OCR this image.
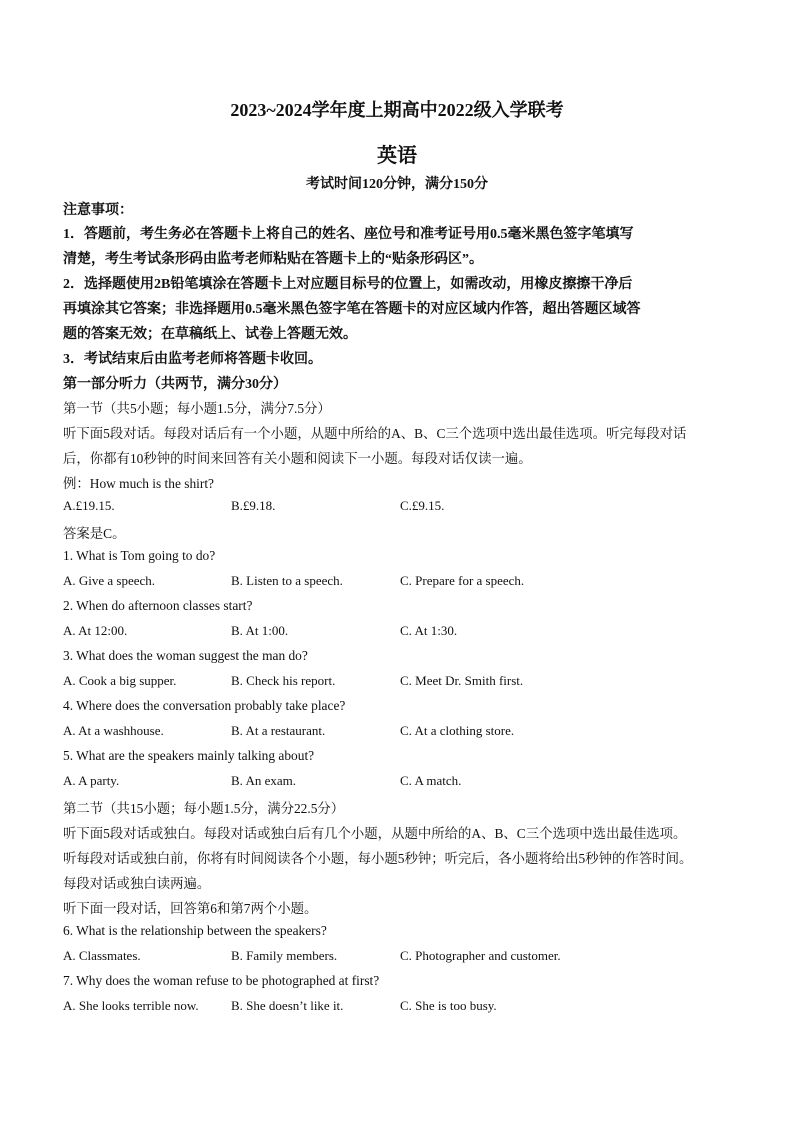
2023~2024学年度上期高中2022级入学联考
英语
考试时间120分钟，满分150分
注意事项：
1．答题前，考生务必在答题卡上将自己的姓名、座位号和准考证号用0.5毫米黑色签字笔填写
清楚，考生考试条形码由监考老师粘贴在答题卡上的“贴条形码区”。
2．选择题使用2B铅笔填涂在答题卡上对应题目标号的位置上，如需改动，用橡皮擦擦干净后
再填涂其它答案；非选择题用0.5毫米黑色签字笔在答题卡的对应区域内作答，超出答题区域答
题的答案无效；在草稿纸上、试卷上答题无效。
3．考试结束后由监考老师将答题卡收回。
第一部分听力（共两节，满分30分）
第一节（共5小题；每小题1.5分，满分7.5分）
听下面5段对话。每段对话后有一个小题，从题中所给的A、B、C三个选项中选出最佳选项。听完每段对话
后，你都有10秒钟的时间来回答有关小题和阅读下一小题。每段对话仅读一遍。
例：How much is the shirt?
A.£19.15.	B.£9.18.	C.£9.15.
答案是C。
1. What is Tom going to do?
A. Give a speech.	B. Listen to a speech.	C. Prepare for a speech.
2. When do afternoon classes start?
A. At 12:00.	B. At 1:00.	C. At 1:30.
3. What does the woman suggest the man do?
A. Cook a big supper.	B. Check his report.	C. Meet Dr. Smith first.
4. Where does the conversation probably take place?
A. At a washhouse.	B. At a restaurant.	C. At a clothing store.
5. What are the speakers mainly talking about?
A. A party.	B. An exam.	C. A match.
第二节（共15小题；每小题1.5分，满分22.5分）
听下面5段对话或独白。每段对话或独白后有几个小题，从题中所给的A、B、C三个选项中选出最佳选项。
听每段对话或独白前，你将有时间阅读各个小题，每小题5秒钟；听完后，各小题将给出5秒钟的作答时间。
每段对话或独白读两遍。
听下面一段对话，回答第6和第7两个小题。
6. What is the relationship between the speakers?
A. Classmates.	B. Family members.	C. Photographer and customer.
7. Why does the woman refuse to be photographed at first?
A. She looks terrible now. B. She doesn’t like it.	C. She is too busy.
